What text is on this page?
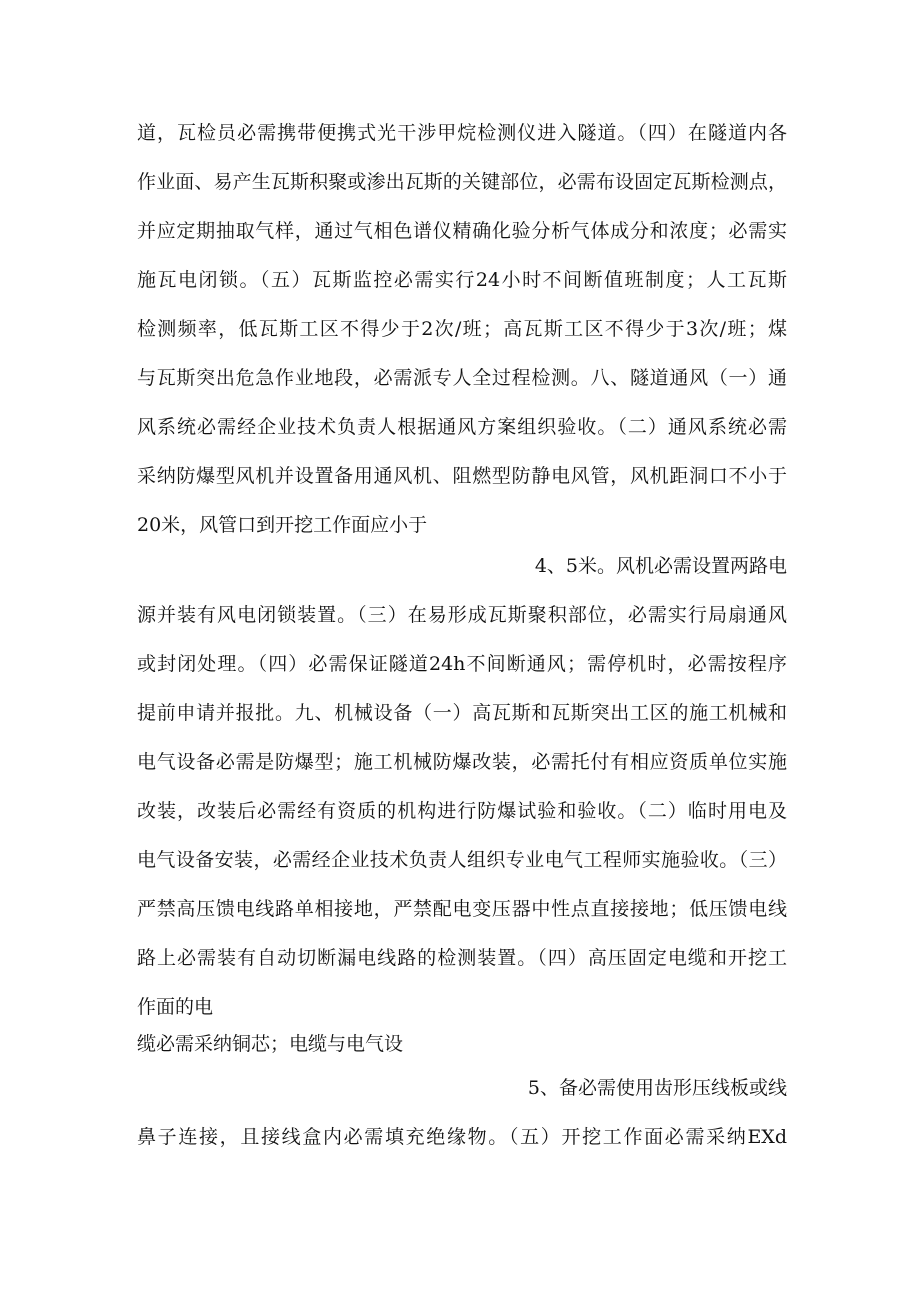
道，瓦检员必需携带便携式光干涉甲烷检测仪进入隧道。（四）在隧道内各
作业面、易产生瓦斯积聚或渗出瓦斯的关键部位，必需布设固定瓦斯检测点，
并应定期抽取气样，通过气相色谱仪精确化验分析气体成分和浓度；必需实
施瓦电闭锁。（五）瓦斯监控必需实行24小时不间断值班制度；人工瓦斯
检测频率，低瓦斯工区不得少于2次/班；高瓦斯工区不得少于3次/班；煤
与瓦斯突出危急作业地段，必需派专人全过程检测。八、隧道通风（一）通
风系统必需经企业技术负责人根据通风方案组织验收。（二）通风系统必需
采纳防爆型风机并设置备用通风机、阻燃型防静电风管，风机距洞口不小于
20米，风管口到开挖工作面应小于
4、5米。风机必需设置两路电
源并装有风电闭锁装置。（三）在易形成瓦斯聚积部位，必需实行局扇通风
或封闭处理。（四）必需保证隧道24h不间断通风；需停机时，必需按程序
提前申请并报批。九、机械设备（一）高瓦斯和瓦斯突出工区的施工机械和
电气设备必需是防爆型；施工机械防爆改装，必需托付有相应资质单位实施
改装，改装后必需经有资质的机构进行防爆试验和验收。（二）临时用电及
电气设备安装，必需经企业技术负责人组织专业电气工程师实施验收。（三）
严禁高压馈电线路单相接地，严禁配电变压器中性点直接接地；低压馈电线
路上必需装有自动切断漏电线路的检测装置。（四）高压固定电缆和开挖工
作面的电
缆必需采纳铜芯；电缆与电气设
5、备必需使用齿形压线板或线
鼻子连接，且接线盒内必需填充绝缘物。（五）开挖工作面必需采纳EXd
